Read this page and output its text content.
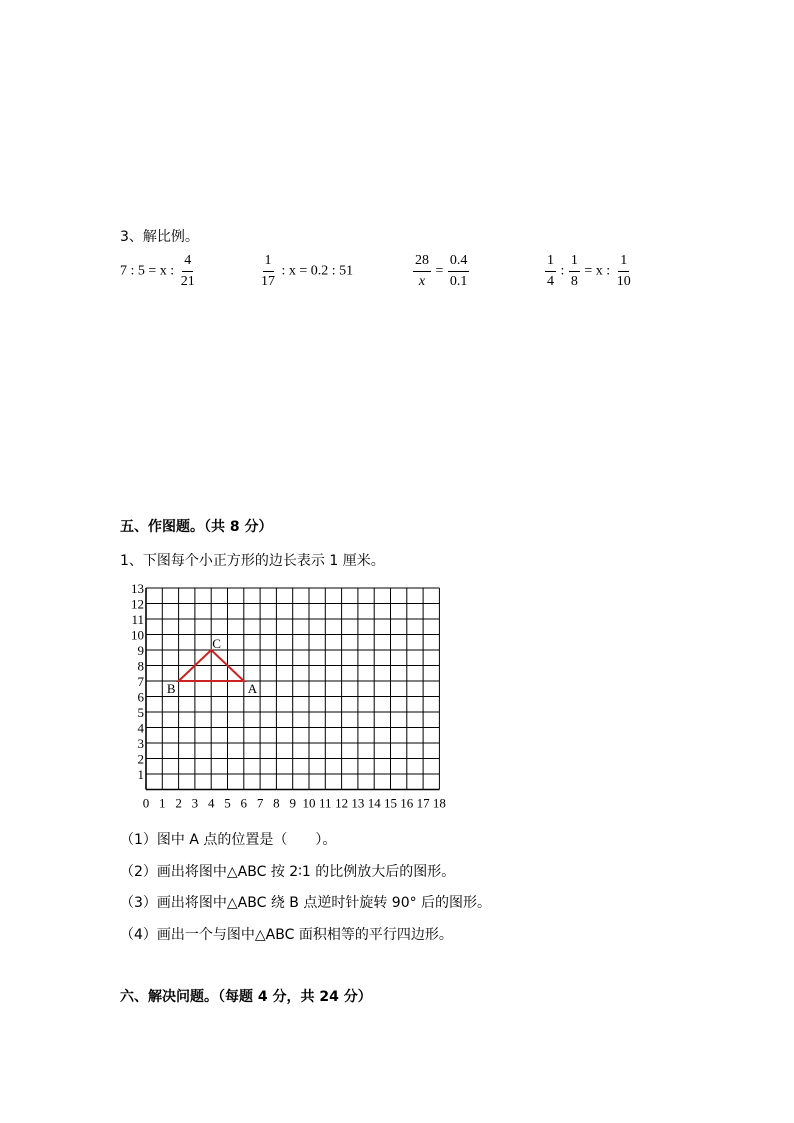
3、解比例。
7 : 5 = x : $\frac{4}{21}$	$\frac{1}{17}$ : x = 0.2 : 51	$\frac{28}{x} = \frac{0.4}{0.1}$	$\frac{1}{4}$ : $\frac{1}{8} = x$ : $\frac{1}{10}$
五、作图题。（共 8 分）
1、下图每个小正方形的边长表示 1 厘米。
1
2
3
4
5
6
7
8
9
10
11
12
13
0 1 2 3 4 5 6 7 8 9 10 11 12 13 14 15 16 17 18
A
B
C
（1）图中 A 点的位置是（　　）。
（2）画出将图中△ABC 按 2∶1 的比例放大后的图形。
（3）画出将图中△ABC 绕 B 点逆时针旋转 90° 后的图形。
（4）画出一个与图中△ABC 面积相等的平行四边形。
六、解决问题。（每题 4 分，共 24 分）
